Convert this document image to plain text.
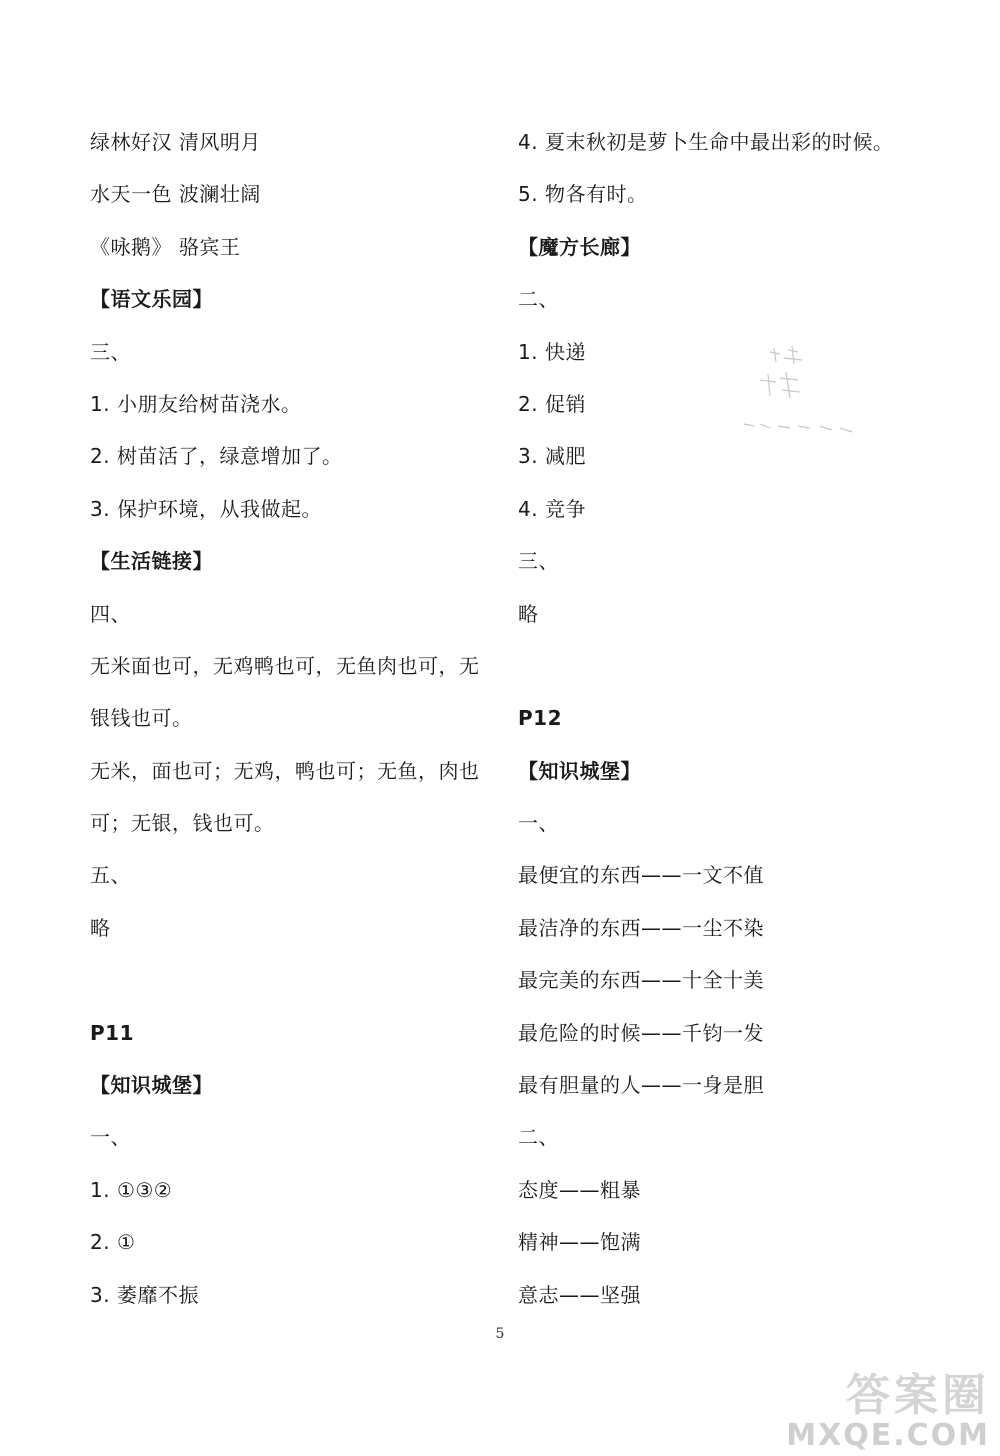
绿林好汉 清风明月
水天一色 波澜壮阔
《咏鹅》 骆宾王
【语文乐园】
三、
1. 小朋友给树苗浇水。
2. 树苗活了，绿意增加了。
3. 保护环境，从我做起。
【生活链接】
四、
无米面也可，无鸡鸭也可，无鱼肉也可，无
银钱也可。
无米，面也可；无鸡，鸭也可；无鱼，肉也
可；无银，钱也可。
五、
略
P11
【知识城堡】
一、
1. ①③②
2. ①
3. 萎靡不振
4. 夏末秋初是萝卜生命中最出彩的时候。
5. 物各有时。
【魔方长廊】
二、
1. 快递
2. 促销
3. 减肥
4. 竞争
三、
略
P12
【知识城堡】
一、
最便宜的东西——一文不值
最洁净的东西——一尘不染
最完美的东西——十全十美
最危险的时候——千钧一发
最有胆量的人——一身是胆
二、
态度——粗暴
精神——饱满
意志——坚强
5
答案圈
MXQE.COM
